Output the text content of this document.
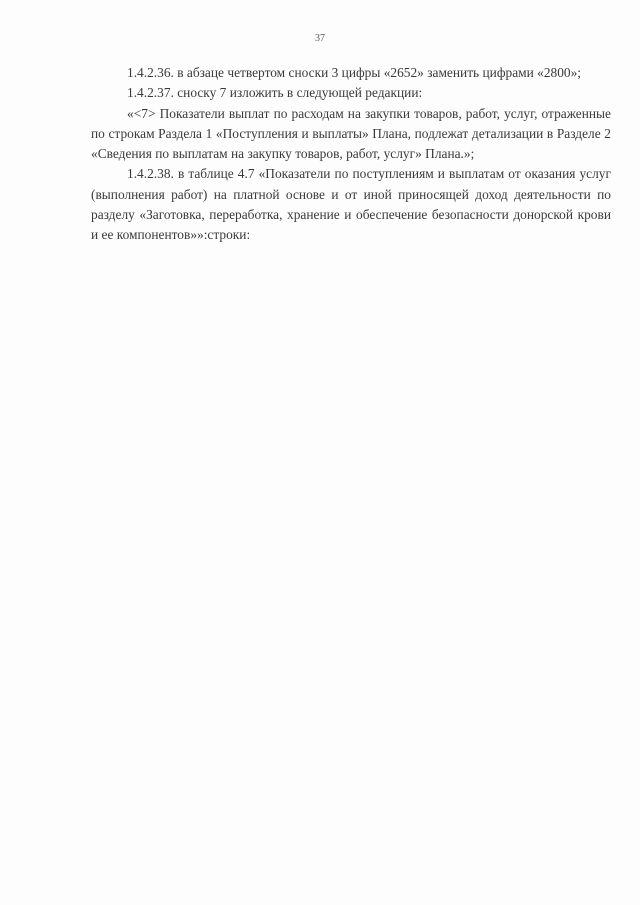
37

1.4.2.36. в абзаце четвертом сноски 3 цифры «2652» заменить цифрами «2800»;

1.4.2.37. сноску 7 изложить в следующей редакции:

«<7> Показатели выплат по расходам на закупки товаров, работ, услуг, отраженные по строкам Раздела 1 «Поступления и выплаты» Плана, подлежат детализации в Разделе 2 «Сведения по выплатам на закупку товаров, работ, услуг» Плана.»;

1.4.2.38. в таблице 4.7 «Показатели по поступлениям и выплатам от оказания услуг (выполнения работ) на платной основе и от иной приносящей доход деятельности по разделу «Заготовка, переработка, хранение и обеспечение безопасности донорской крови и ее компонентов»»:строки:
